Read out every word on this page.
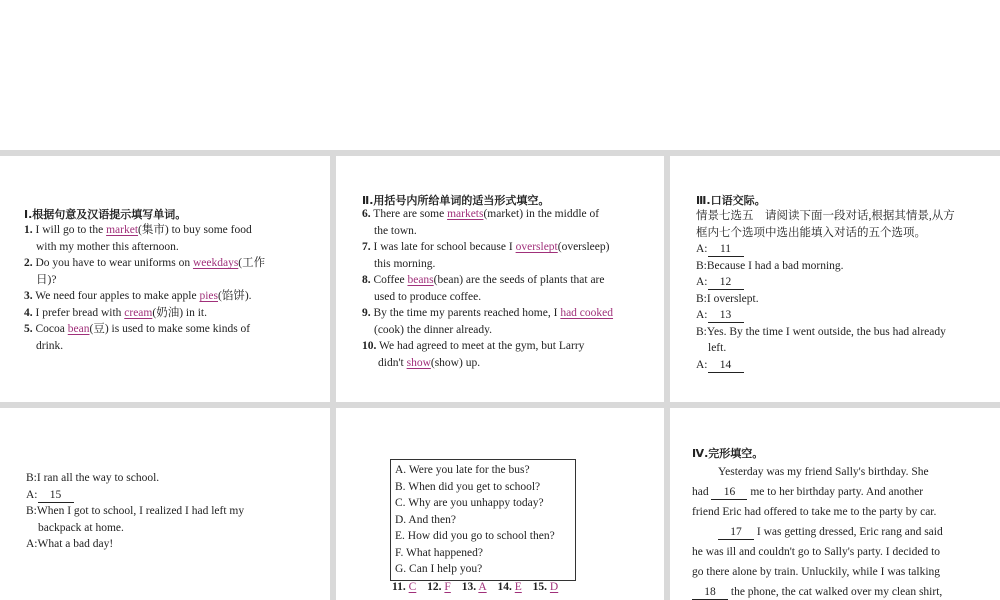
Ⅰ.根据句意及汉语提示填写单词。
1. I will go to the market(集市) to buy some food
with my mother this afternoon.
2. Do you have to wear uniforms on weekdays(工作
日)?
3. We need four apples to make apple pies(馅饼).
4. I prefer bread with cream(奶油) in it.
5. Cocoa bean(豆) is used to make some kinds of
drink.
Ⅱ.用括号内所给单词的适当形式填空。
6. There are some markets(market) in the middle of
the town.
7. I was late for school because I overslept(oversleep)
this morning.
8. Coffee beans(bean) are the seeds of plants that are
used to produce coffee.
9. By the time my parents reached home, I had cooked
(cook) the dinner already.
10. We had agreed to meet at the gym, but Larry
didn't show(show) up.
Ⅲ.口语交际。
情景七选五　请阅读下面一段对话,根据其情景,从方
框内七个选项中选出能填入对话的五个选项。
A: 11
B:Because I had a bad morning.
A: 12
B:I overslept.
A: 13
B:Yes. By the time I went outside, the bus had already
left.
A: 14
B:I ran all the way to school.
A: 15
B:When I got to school, I realized I had left my
backpack at home.
A:What a bad day!
A. Were you late for the bus?
B. When did you get to school?
C. Why are you unhappy today?
D. And then?
E. How did you go to school then?
F. What happened?
G. Can I help you?
11. C 12. F 13. A 14. E 15. D
Ⅳ.完形填空。
Yesterday was my friend Sally's birthday. She
had 16 me to her birthday party. And another
friend Eric had offered to take me to the party by car.
17 I was getting dressed, Eric rang and said
he was ill and couldn't go to Sally's party. I decided to
go there alone by train. Unluckily, while I was talking
18 the phone, the cat walked over my clean shirt,
